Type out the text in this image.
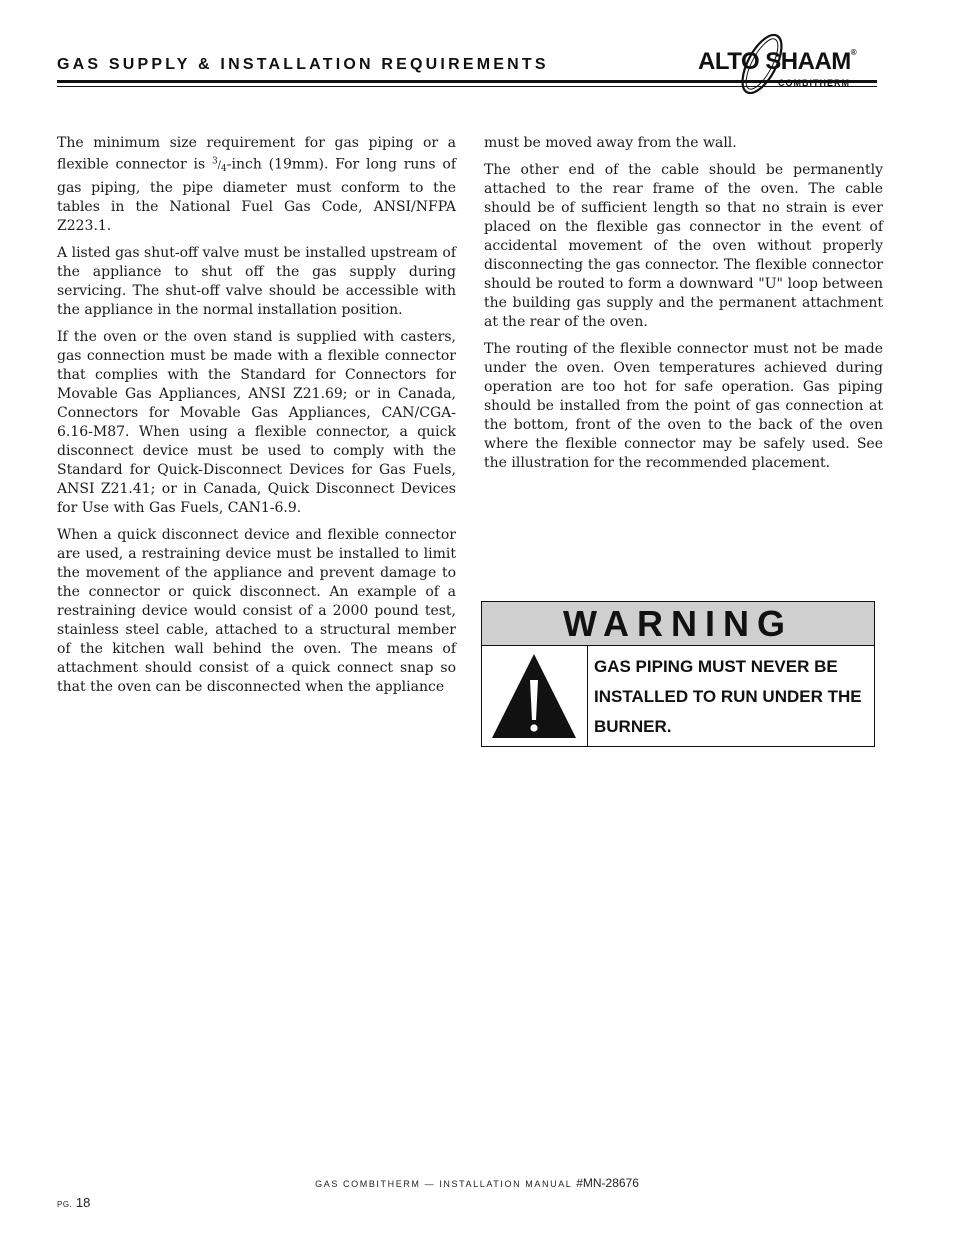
GAS SUPPLY & INSTALLATION REQUIREMENTS	ALTO SHAAM®
COMBITHERM

The minimum size requirement for gas piping or a flexible connector is $^3/_4$-inch (19mm). For long runs of gas piping, the pipe diameter must conform to the tables in the National Fuel Gas Code, ANSI/NFPA Z223.1.

A listed gas shut-off valve must be installed upstream of the appliance to shut off the gas supply during servicing. The shut-off valve should be accessible with the appliance in the normal installation position.

If the oven or the oven stand is supplied with casters, gas connection must be made with a flexible connector that complies with the Standard for Connectors for Movable Gas Appliances, ANSI Z21.69; or in Canada, Connectors for Movable Gas Appliances, CAN/CGA-6.16-M87. When using a flexible connector, a quick disconnect device must be used to comply with the Standard for Quick-Disconnect Devices for Gas Fuels, ANSI Z21.41; or in Canada, Quick Disconnect Devices for Use with Gas Fuels, CAN1-6.9.

When a quick disconnect device and flexible connector are used, a restraining device must be installed to limit the movement of the appliance and prevent damage to the connector or quick disconnect. An example of a restraining device would consist of a 2000 pound test, stainless steel cable, attached to a structural member of the kitchen wall behind the oven. The means of attachment should consist of a quick connect snap so that the oven can be disconnected when the appliance

must be moved away from the wall.

The other end of the cable should be permanently attached to the rear frame of the oven. The cable should be of sufficient length so that no strain is ever placed on the flexible gas connector in the event of accidental movement of the oven without properly disconnecting the gas connector. The flexible connector should be routed to form a downward "U" loop between the building gas supply and the permanent attachment at the rear of the oven.

The routing of the flexible connector must not be made under the oven. Oven temperatures achieved during operation are too hot for safe operation. Gas piping should be installed from the point of gas connection at the bottom, front of the oven to the back of the oven where the flexible connector may be safely used. See the illustration for the recommended placement.

WARNING
GAS PIPING MUST NEVER BE INSTALLED TO RUN UNDER THE BURNER.
GAS COMBITHERM — INSTALLATION MANUAL #MN-28676
PG. 18
